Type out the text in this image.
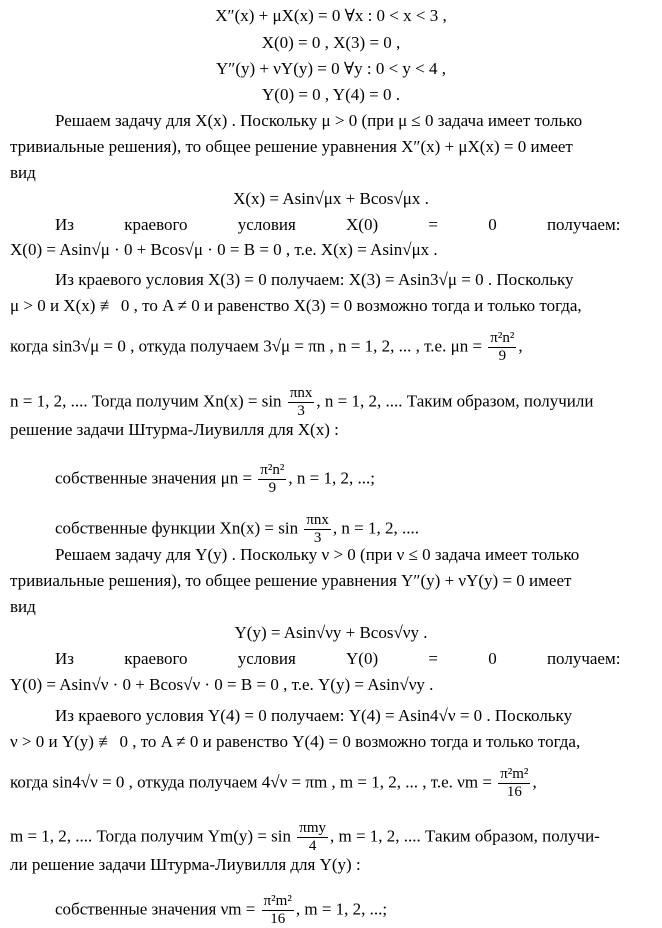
X″(x) + μX(x) = 0 ∀x : 0 < x < 3 ,
X(0) = 0 , X(3) = 0 ,
Y″(y) + νY(y) = 0 ∀y : 0 < y < 4 ,
Y(0) = 0 , Y(4) = 0 .
Решаем задачу для X(x) . Поскольку μ > 0 (при μ ≤ 0 задача имеет только
тривиальные решения), то общее решение уравнения X″(x) + μX(x) = 0 имеет
вид
X(x) = Asin√μx + Bcos√μx .
Из краевого условия X(0) = 0 получаем:
X(0) = Asin√μ · 0 + Bcos√μ · 0 = B = 0 , т.е. X(x) = Asin√μx .
Из краевого условия X(3) = 0 получаем: X(3) = Asin3√μ = 0 . Поскольку
μ > 0 и X(x) ≢ 0 , то A ≠ 0 и равенство X(3) = 0 возможно тогда и только тогда,
когда sin3√μ = 0 , откуда получаем 3√μ = πn , n = 1, 2, ... , т.е. $\mu n = \frac{\text{π²n²}}{9}$ ,
n = 1, 2, .... Тогда получим $Xn(x) = \sin \frac{\text{πnx}}{3}$ , n = 1, 2, .... Таким образом, получили
решение задачи Штурма-Лиувилля для X(x) :
собственные значения $\mu n = \frac{\text{π²n²}}{9}$ , n = 1, 2, ...;
собственные функции $Xn(x) = \sin \frac{\text{πnx}}{3}$ , n = 1, 2, ....
Решаем задачу для Y(y) . Поскольку ν > 0 (при ν ≤ 0 задача имеет только
тривиальные решения), то общее решение уравнения Y″(y) + νY(y) = 0 имеет
вид
Y(y) = Asin√νy + Bcos√νy .
Из краевого условия Y(0) = 0 получаем:
Y(0) = Asin√ν · 0 + Bcos√ν · 0 = B = 0 , т.е. Y(y) = Asin√νy .
Из краевого условия Y(4) = 0 получаем: Y(4) = Asin4√ν = 0 . Поскольку
ν > 0 и Y(y) ≢ 0 , то A ≠ 0 и равенство Y(4) = 0 возможно тогда и только тогда,
когда sin4√ν = 0 , откуда получаем 4√ν = πm , m = 1, 2, ... , т.е. $\nu m = \frac{\text{π²m²}}{16}$ ,
m = 1, 2, .... Тогда получим $Ym(y) = \sin \frac{\text{πmy}}{4}$ , m = 1, 2, .... Таким образом, получи-
ли решение задачи Штурма-Лиувилля для Y(y) :
собственные значения $\nu m = \frac{\text{π²m²}}{16}$ , m = 1, 2, ...;
